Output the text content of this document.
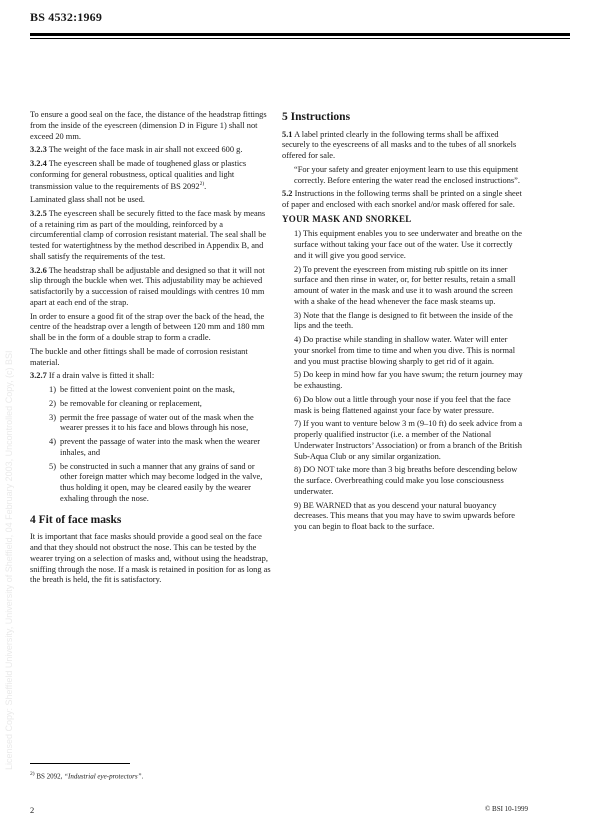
BS 4532:1969
Licensed Copy: Sheffield University, University of Sheffield, 04 February 2003, Uncontrolled Copy, (c) BSI

To ensure a good seal on the face, the distance of the headstrap fittings from the inside of the eyescreen (dimension D in Figure 1) shall not exceed 20 mm.

3.2.3 The weight of the face mask in air shall not exceed 600 g.

3.2.4 The eyescreen shall be made of toughened glass or plastics conforming for general robustness, optical qualities and light transmission value to the requirements of BS 2092$^{2)}$.

Laminated glass shall not be used.

3.2.5 The eyescreen shall be securely fitted to the face mask by means of a retaining rim as part of the moulding, reinforced by a circumferential clamp of corrosion resistant material. The seal shall be tested for watertightness by the method described in Appendix B, and shall satisfy the requirements of the test.

3.2.6 The headstrap shall be adjustable and designed so that it will not slip through the buckle when wet. This adjustability may be achieved satisfactorily by a succession of raised mouldings with centres 10 mm apart at each end of the strap.

In order to ensure a good fit of the strap over the back of the head, the centre of the headstrap over a length of between 120 mm and 180 mm shall be in the form of a double strap to form a cradle.

The buckle and other fittings shall be made of corrosion resistant material.

3.2.7 If a drain valve is fitted it shall:

1) be fitted at the lowest convenient point on the mask,
2) be removable for cleaning or replacement,
3) permit the free passage of water out of the mask when the wearer presses it to his face and blows through his nose,
4) prevent the passage of water into the mask when the wearer inhales, and
5) be constructed in such a manner that any grains of sand or other foreign matter which may become lodged in the valve, thus holding it open, may be cleared easily by the wearer exhaling through the nose.
4 Fit of face masks

It is important that face masks should provide a good seal on the face and that they should not obstruct the nose. This can be tested by the wearer trying on a selection of masks and, without using the headstrap, sniffing through the nose. If a mask is retained in position for as long as the breath is held, the fit is satisfactory.

5 Instructions

5.1 A label printed clearly in the following terms shall be affixed securely to the eyescreens of all masks and to the tubes of all snorkels offered for sale.

“For your safety and greater enjoyment learn to use this equipment correctly. Before entering the water read the enclosed instructions”.

5.2 Instructions in the following terms shall be printed on a single sheet of paper and enclosed with each snorkel and/or mask offered for sale.

YOUR MASK AND SNORKEL

1) This equipment enables you to see underwater and breathe on the surface without taking your face out of the water. Use it correctly and it will give you good service.

2) To prevent the eyescreen from misting rub spittle on its inner surface and then rinse in water, or, for better results, retain a small amount of water in the mask and use it to wash around the screen with a shake of the head whenever the face mask steams up.

3) Note that the flange is designed to fit between the inside of the lips and the teeth.

4) Do practise while standing in shallow water. Water will enter your snorkel from time to time and when you dive. This is normal and you must practise blowing sharply to get rid of it again.

5) Do keep in mind how far you have swum; the return journey may be exhausting.

6) Do blow out a little through your nose if you feel that the face mask is being flattened against your face by water pressure.

7) If you want to venture below 3 m (9–10 ft) do seek advice from a properly qualified instructor (i.e. a member of the National Underwater Instructors’ Association) or from a branch of the British Sub-Aqua Club or any similar organization.

8) DO NOT take more than 3 big breaths before descending below the surface. Overbreathing could make you lose consciousness underwater.

9) BE WARNED that as you descend your natural buoyancy decreases. This means that you may have to swim upwards before you can begin to float back to the surface.

$^{2)}$ BS 2092, “Industrial eye-protectors”.
2	© BSI 10-1999
